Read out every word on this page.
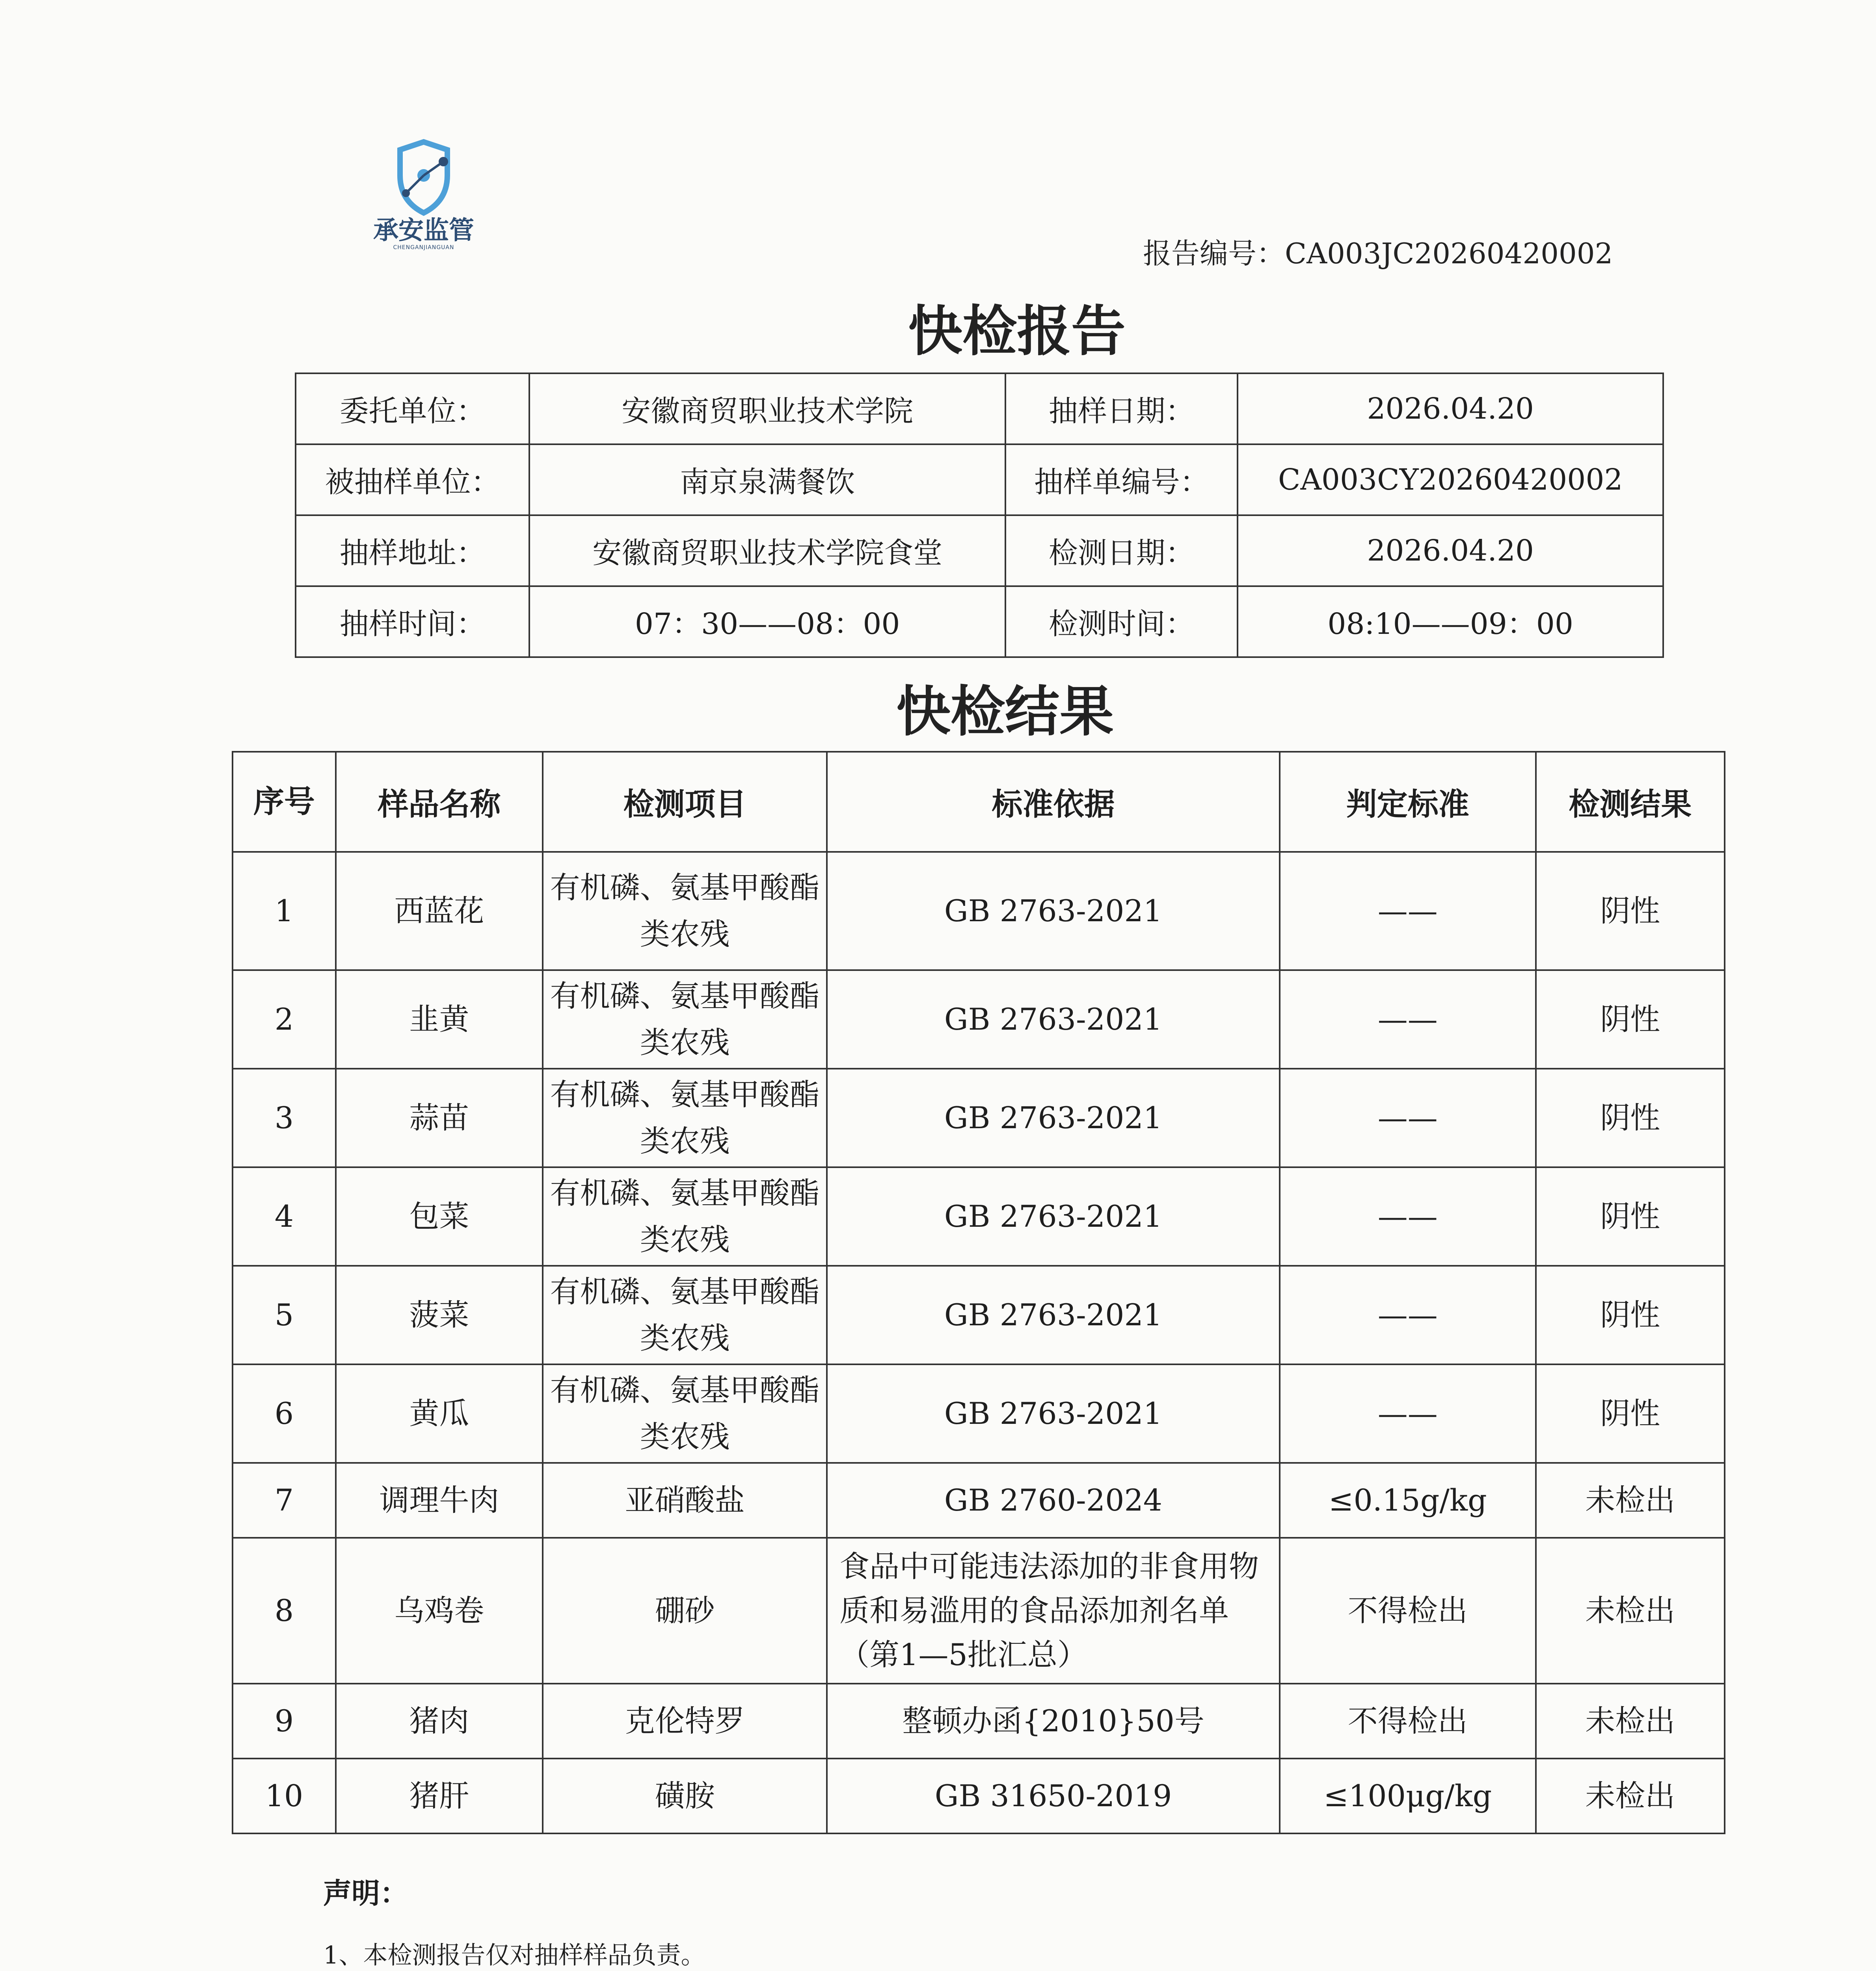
承安监管
CHENGANJIANGUAN	报告编号：CA003JC20260420002
快检报告
委托单位：	安徽商贸职业技术学院	抽样日期：	2026.04.20
被抽样单位：	南京泉满餐饮	抽样单编号：	CA003CY20260420002
抽样地址：	安徽商贸职业技术学院食堂	检测日期：	2026.04.20
抽样时间：	07：30——08：00	检测时间：	08:10——09：00
快检结果
序号	样品名称	检测项目	标准依据	判定标准	检测结果
1	西蓝花	有机磷、氨基甲酸酯类农残	GB 2763-2021	——	阴性
2	韭黄	有机磷、氨基甲酸酯类农残	GB 2763-2021	——	阴性
3	蒜苗	有机磷、氨基甲酸酯类农残	GB 2763-2021	——	阴性
4	包菜	有机磷、氨基甲酸酯类农残	GB 2763-2021	——	阴性
5	菠菜	有机磷、氨基甲酸酯类农残	GB 2763-2021	——	阴性
6	黄瓜	有机磷、氨基甲酸酯类农残	GB 2763-2021	——	阴性
7	调理牛肉	亚硝酸盐	GB 2760-2024	≤0.15g/kg	未检出
8	乌鸡卷	硼砂	食品中可能违法添加的非食用物质和易滥用的食品添加剂名单（第1—5批汇总）	不得检出	未检出
9	猪肉	克伦特罗	整顿办函{2010}50号	不得检出	未检出
10	猪肝	磺胺	GB 31650-2019	≤100μg/kg	未检出
声明：
1、本检测报告仅对抽样样品负责。
